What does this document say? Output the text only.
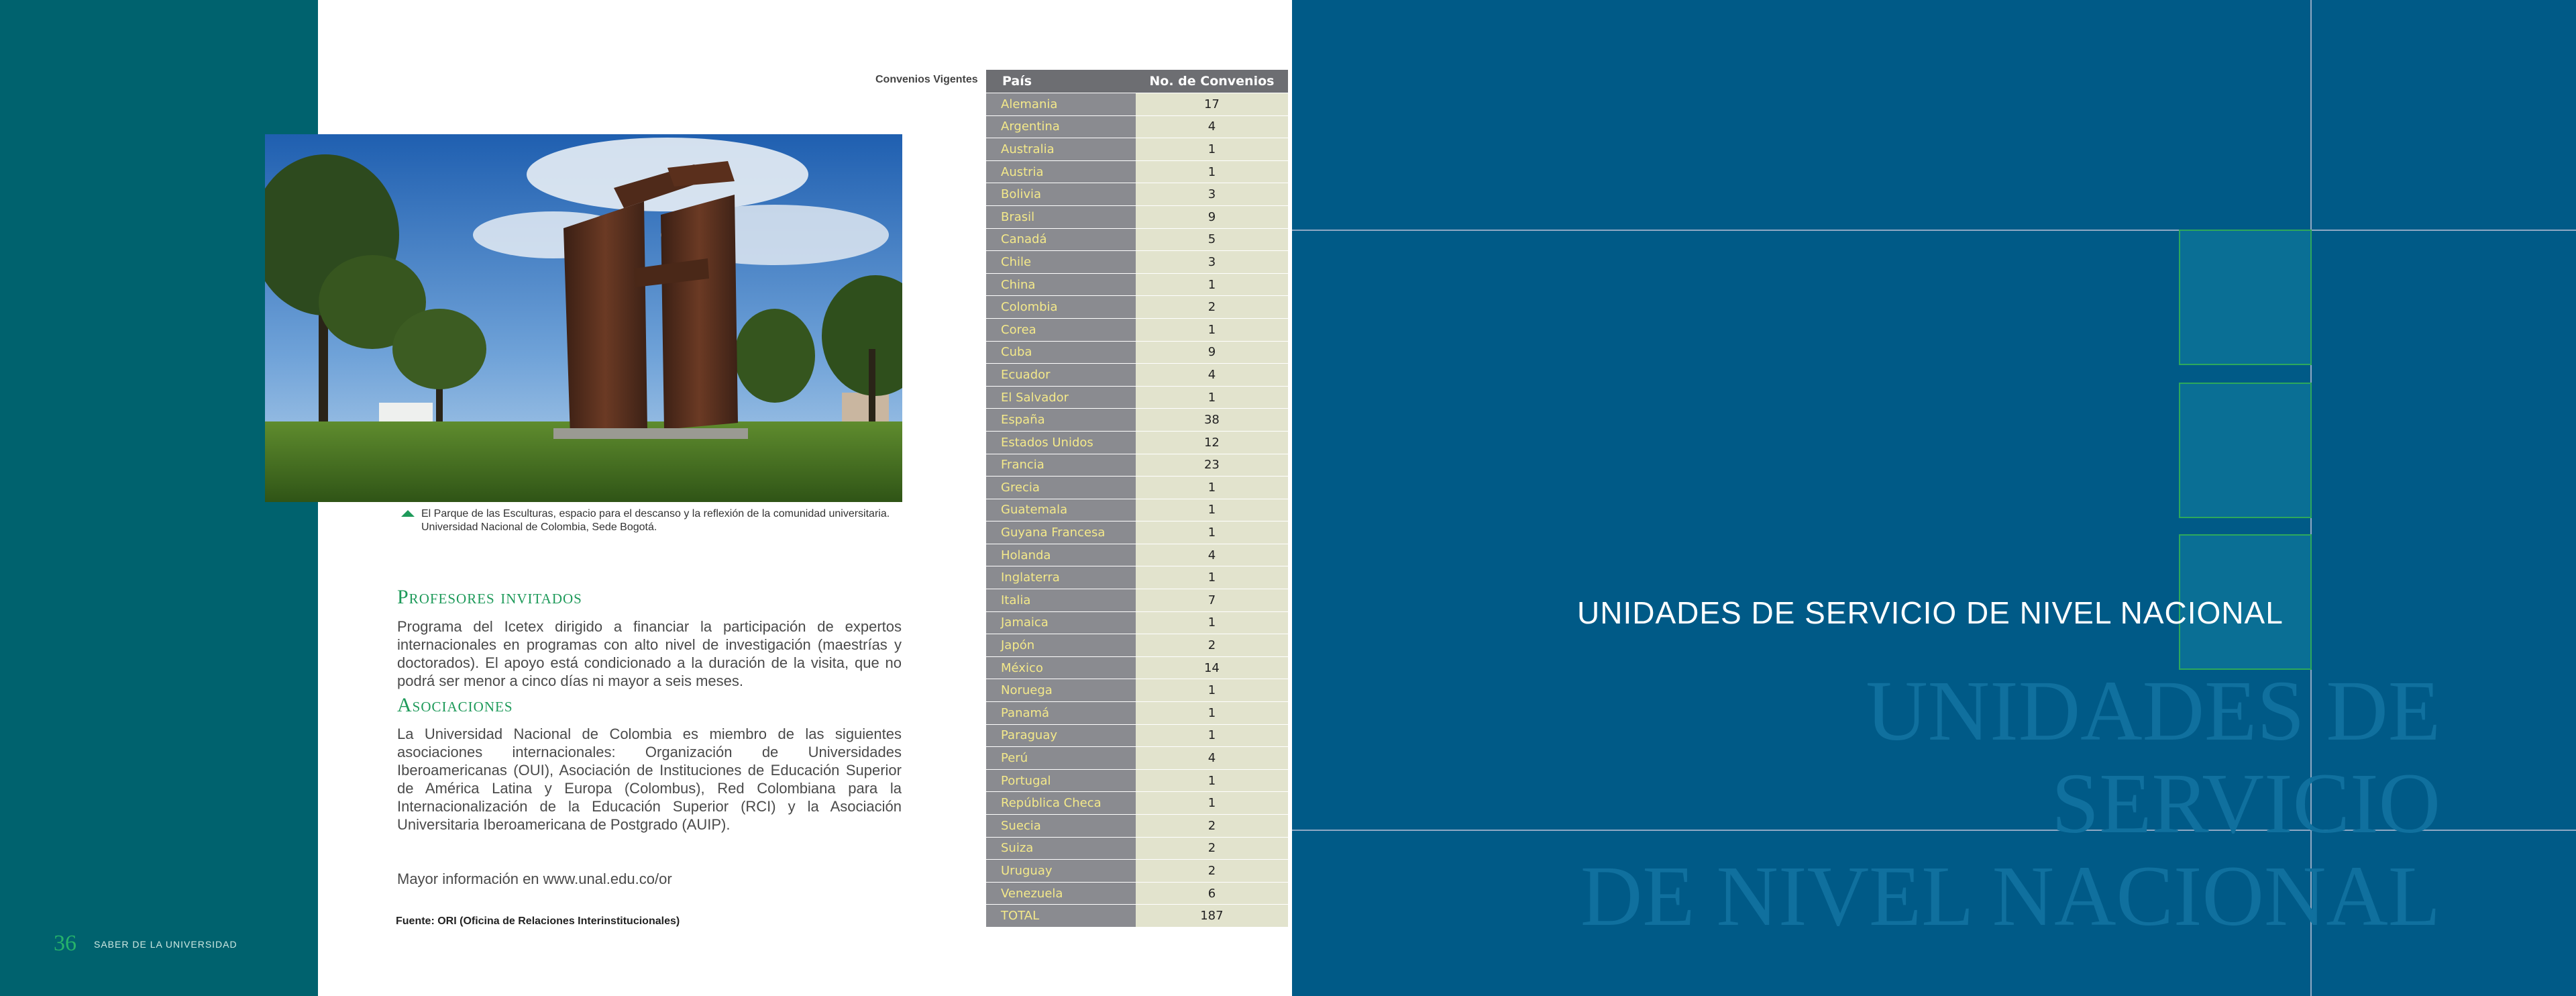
36 SABER DE LA UNIVERSIDAD
El Parque de las Esculturas, espacio para el descanso y la reflexión de la comunidad universitaria.
Universidad Nacional de Colombia, Sede Bogotá.
Profesores invitados
Programa del Icetex dirigido a financiar la participación de expertos internacionales en programas con alto nivel de investigación (maestrías y doctorados). El apoyo está condicionado a la duración de la visita, que no podrá ser menor a cinco días ni mayor a seis meses.
Asociaciones
La Universidad Nacional de Colombia es miembro de las siguientes asociaciones internacionales: Organización de Universidades Iberoamericanas (OUI), Asociación de Instituciones de Educación Superior de América Latina y Europa (Colombus), Red Colombiana para la Internacionalización de la Educación Superior (RCI) y la Asociación Universitaria Iberoamericana de Postgrado (AUIP).
Mayor información en www.unal.edu.co/or
Fuente: ORI (Oficina de Relaciones Interinstitucionales)
Convenios Vigentes País	No. de Convenios
Alemania	17
Argentina	4
Australia	1
Austria	1
Bolivia	3
Brasil	9
Canadá	5
Chile	3
China	1
Colombia	2
Corea	1
Cuba	9
Ecuador	4
El Salvador	1
España	38
Estados Unidos	12
Francia	23
Grecia	1
Guatemala	1
Guyana Francesa	1
Holanda	4
Inglaterra	1
Italia	7
Jamaica	1
Japón	2
México	14
Noruega	1
Panamá	1
Paraguay	1
Perú	4
Portugal	1
República Checa	1
Suecia	2
Suiza	2
Uruguay	2
Venezuela	6
TOTAL	187
UNIDADES DE SERVICIO
DE NIVEL NACIONAL
UNIDADES DE SERVICIO DE NIVEL NACIONAL
